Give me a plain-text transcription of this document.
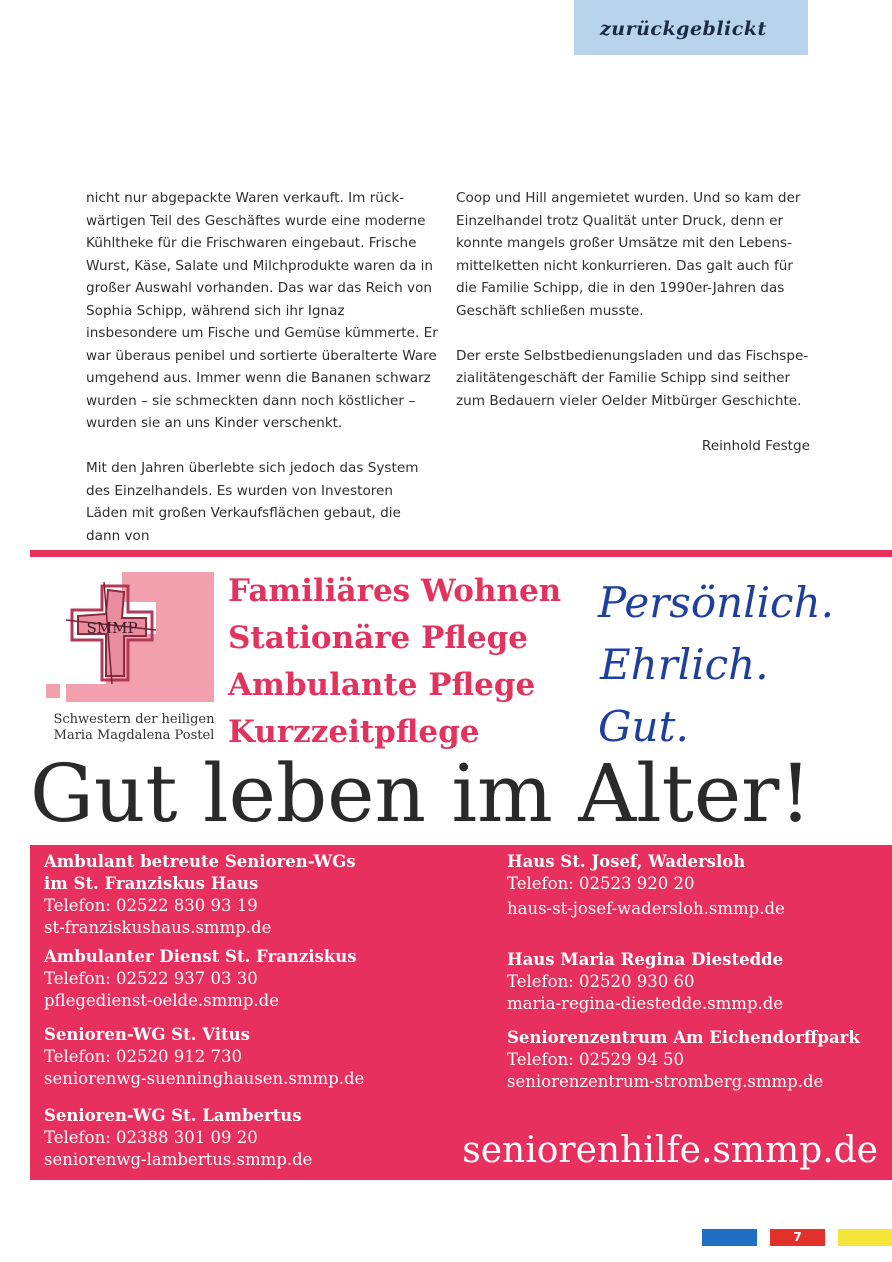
zurückgeblickt

nicht nur abgepackte Waren verkauft. Im rück-wärtigen Teil des Geschäftes wurde eine moderne Kühltheke für die Frischwaren eingebaut. Frische Wurst, Käse, Salate und Milchprodukte waren da in großer Auswahl vorhanden. Das war das Reich von Sophia Schipp, während sich ihr Ignaz insbesondere um Fische und Gemüse kümmerte. Er war überaus penibel und sortierte überalterte Ware umgehend aus. Immer wenn die Bananen schwarz wurden – sie schmeckten dann noch köstlicher – wurden sie an uns Kinder verschenkt.

Mit den Jahren überlebte sich jedoch das System des Einzelhandels. Es wurden von Investoren Läden mit großen Verkaufsflächen gebaut, die dann von

Coop und Hill angemietet wurden. Und so kam der Einzelhandel trotz Qualität unter Druck, denn er konnte mangels großer Umsätze mit den Lebens-mittelketten nicht konkurrieren. Das galt auch für die Familie Schipp, die in den 1990er-Jahren das Geschäft schließen musste.

Der erste Selbstbedienungsladen und das Fischspe-zialitätengeschäft der Familie Schipp sind seither zum Bedauern vieler Oelder Mitbürger Geschichte.

Reinhold Festge

SMMP
Schwestern der heiligen
Maria Magdalena Postel
Familiäres Wohnen
Stationäre Pflege
Ambulante Pflege
Kurzzeitpflege
Persönlich.
Ehrlich.
Gut.
Gut leben im Alter!
Ambulant betreute Senioren-WGs
im St. Franziskus Haus
Telefon: 02522 830 93 19
st-franziskushaus.smmp.de
Ambulanter Dienst St. Franziskus
Telefon: 02522 937 03 30
pflegedienst-oelde.smmp.de
Senioren-WG St. Vitus
Telefon: 02520 912 730
seniorenwg-suenninghausen.smmp.de
Senioren-WG St. Lambertus
Telefon: 02388 301 09 20
seniorenwg-lambertus.smmp.de
Haus St. Josef, Wadersloh
Telefon: 02523 920 20
haus-st-josef-wadersloh.smmp.de
Haus Maria Regina Diestedde
Telefon: 02520 930 60
maria-regina-diestedde.smmp.de
Seniorenzentrum Am Eichendorffpark
Telefon: 02529 94 50
seniorenzentrum-stromberg.smmp.de
seniorenhilfe.smmp.de
7
